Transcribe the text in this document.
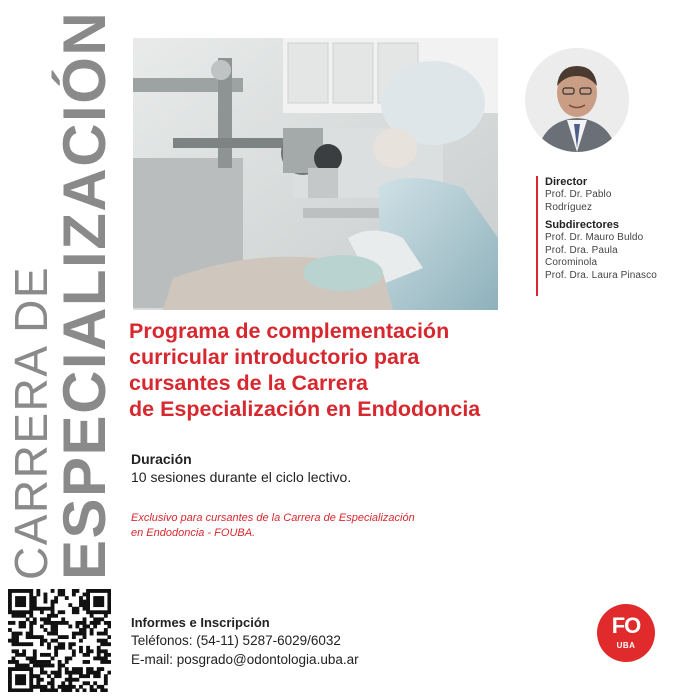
CARRERA DE
ESPECIALIZACIÓN	Director

Prof. Dr. Pablo

Rodríguez

Subdirectores

Prof. Dr. Mauro Buldo

Prof. Dra. Paula

Corominola

Prof. Dra. Laura Pinasco

Programa de complementación
curricular introductorio para
cursantes de la Carrera
de Especialización en Endodoncia
Duración
10 sesiones durante el ciclo lectivo.
Exclusivo para cursantes de la Carrera de Especialización
en Endodoncia - FOUBA.
Informes e Inscripción
Teléfonos: (54-11) 5287-6029/6032
E-mail: posgrado@odontologia.uba.ar
FO
UBA
